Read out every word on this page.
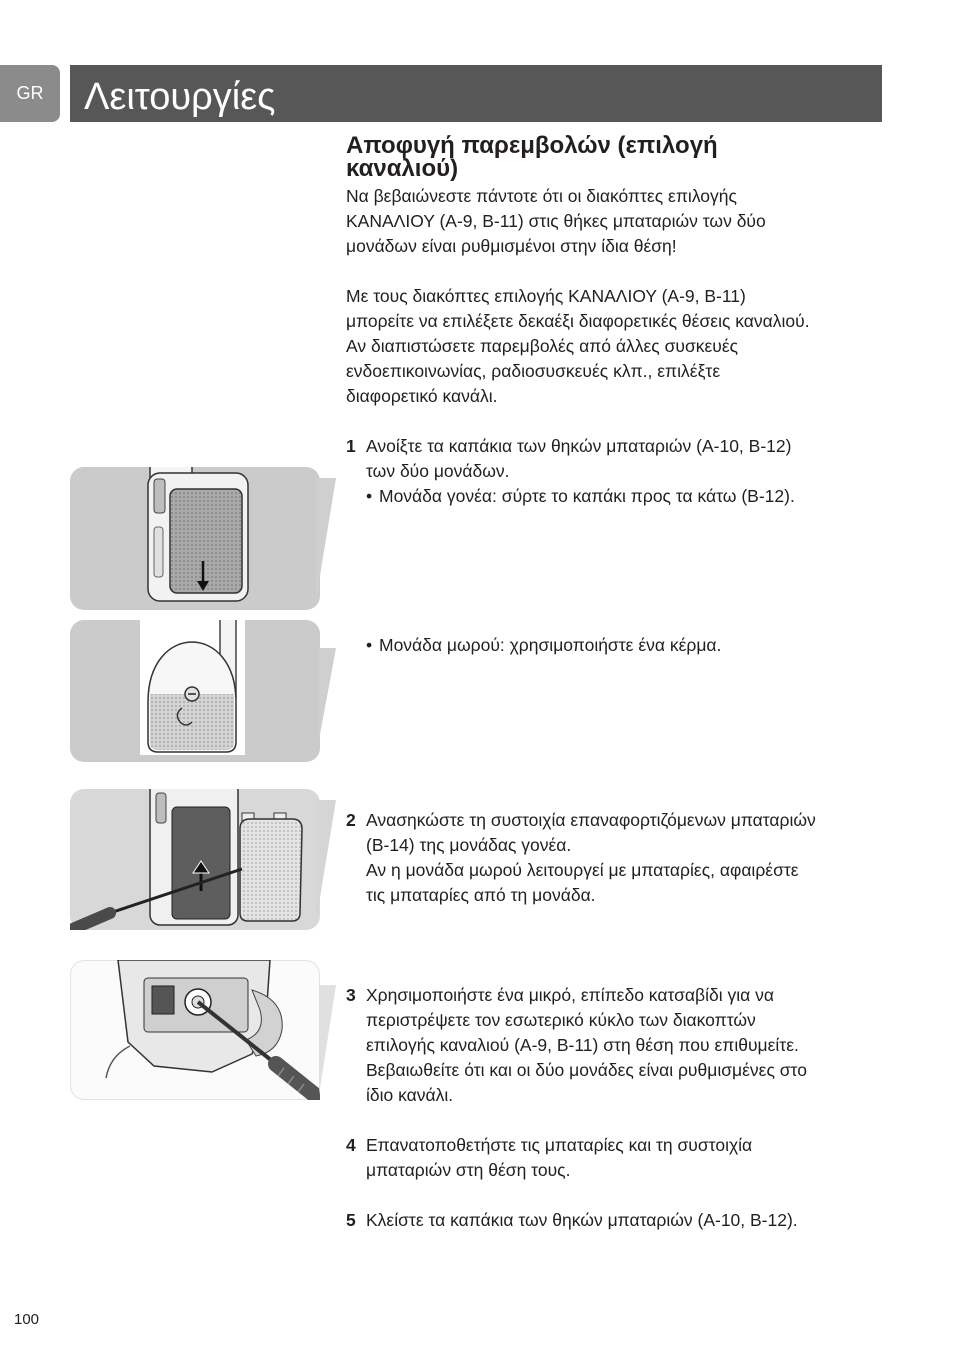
GR Λειτουργίες
Αποφυγή παρεμβολών (επιλογή
καναλιού)
Να βεβαιώνεστε πάντοτε ότι οι διακόπτες επιλογής
ΚΑΝΑΛΙΟΥ (A-9, B-11) στις θήκες μπαταριών των δύο
μονάδων είναι ρυθμισμένοι στην ίδια θέση!
Με τους διακόπτες επιλογής ΚΑΝΑΛΙΟΥ (A-9, B-11)
μπορείτε να επιλέξετε δεκαέξι διαφορετικές θέσεις καναλιού.
Αν διαπιστώσετε παρεμβολές από άλλες συσκευές
ενδοεπικοινωνίας, ραδιοσυσκευές κλπ., επιλέξτε
διαφορετικό κανάλι.
1 Ανοίξτε τα καπάκια των θηκών μπαταριών (A-10, B-12)
των δύο μονάδων.
• Μονάδα γονέα: σύρτε το καπάκι προς τα κάτω (B-12).
• Μονάδα μωρού: χρησιμοποιήστε ένα κέρμα.
2 Ανασηκώστε τη συστοιχία επαναφορτιζόμενων μπαταριών
(B-14) της μονάδας γονέα.
Αν η μονάδα μωρού λειτουργεί με μπαταρίες, αφαιρέστε
τις μπαταρίες από τη μονάδα.
3 Χρησιμοποιήστε ένα μικρό, επίπεδο κατσαβίδι για να
περιστρέψετε τον εσωτερικό κύκλο των διακοπτών
επιλογής καναλιού (A-9, B-11) στη θέση που επιθυμείτε.
Βεβαιωθείτε ότι και οι δύο μονάδες είναι ρυθμισμένες στο
ίδιο κανάλι.
4 Επανατοποθετήστε τις μπαταρίες και τη συστοιχία
μπαταριών στη θέση τους.
5 Κλείστε τα καπάκια των θηκών μπαταριών (A-10, B-12).
100
